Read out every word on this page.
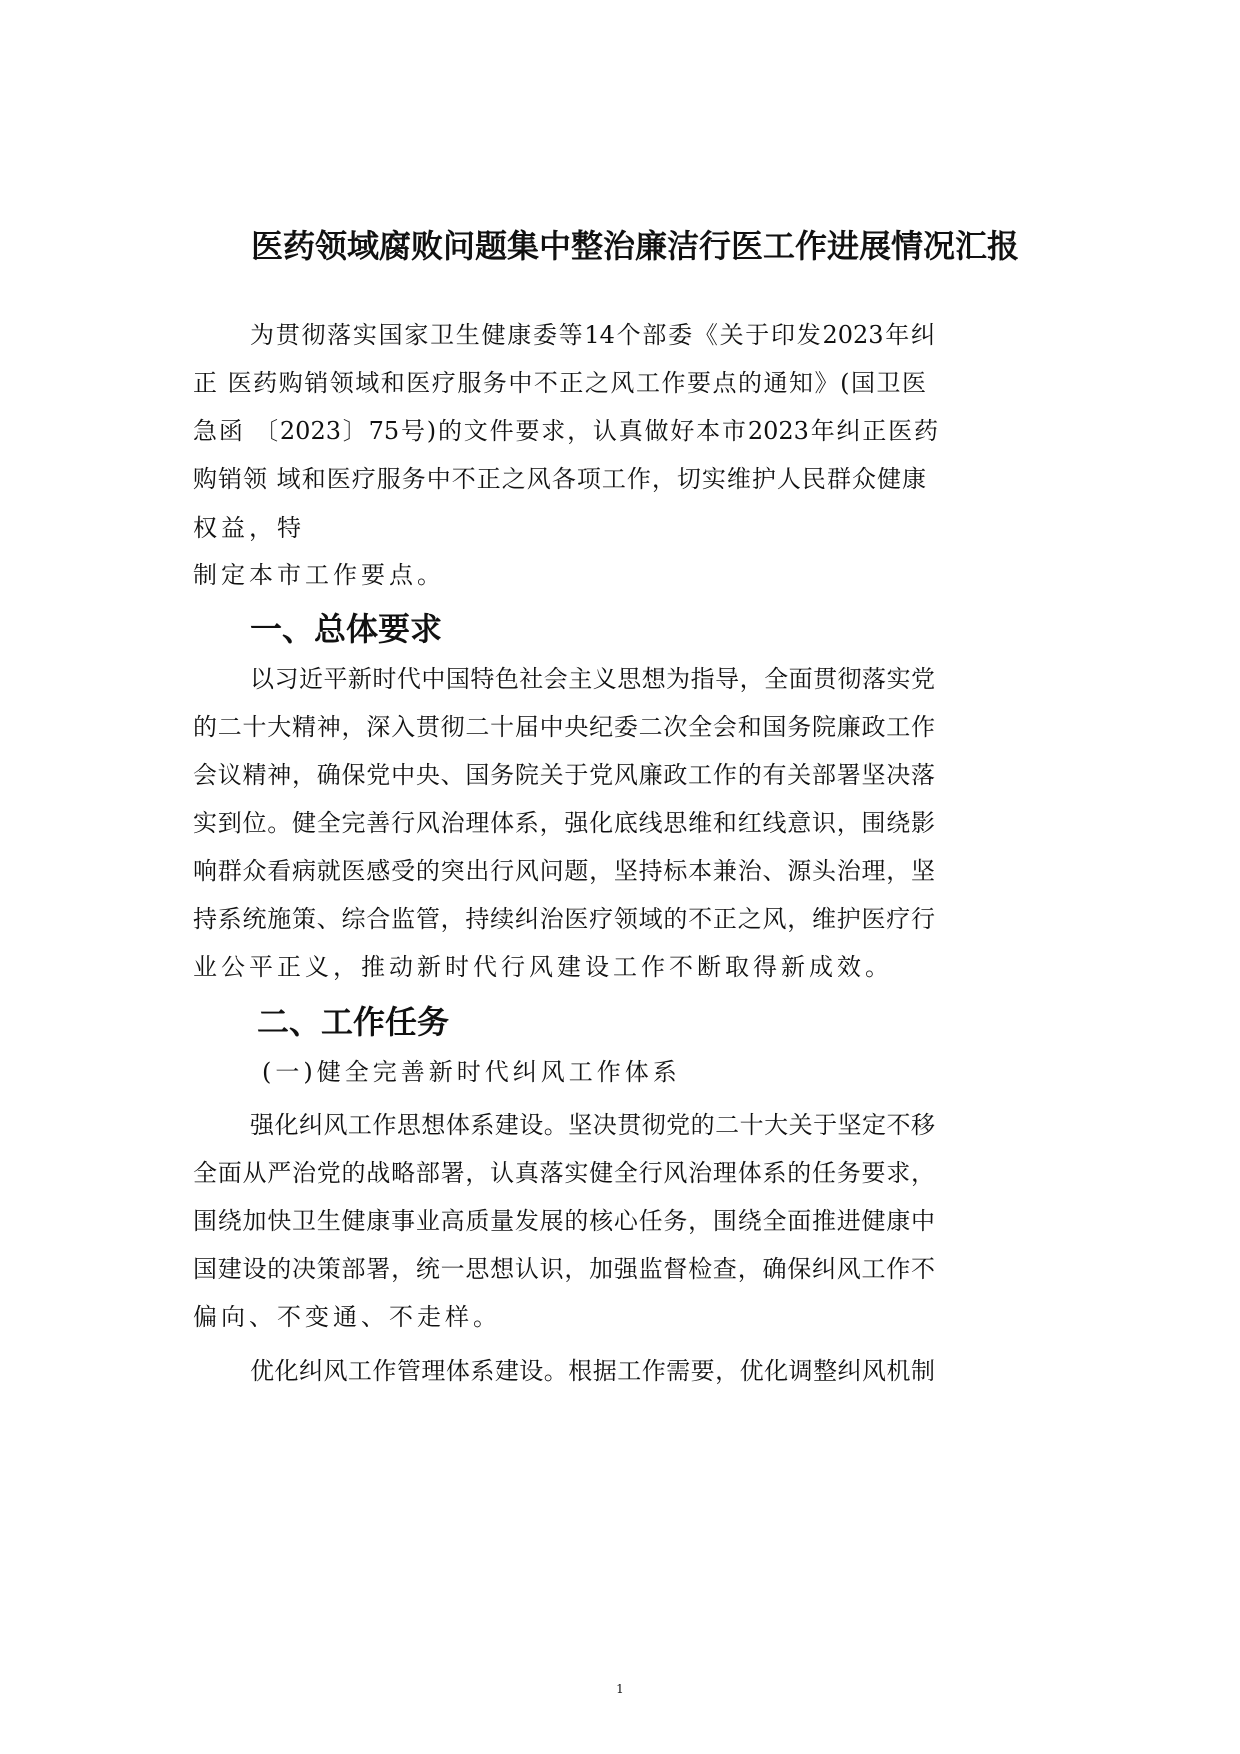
医药领域腐败问题集中整治廉洁行医工作进展情况汇报
为贯彻落实国家卫生健康委等14个部委《关于印发2023年纠
正 医药购销领域和医疗服务中不正之风工作要点的通知》(国卫医
急函 〔2023〕75号)的文件要求，认真做好本市2023年纠正医药
购销领 域和医疗服务中不正之风各项工作，切实维护人民群众健康
权益，特
制定本市工作要点。
一、总体要求
以习近平新时代中国特色社会主义思想为指导，全面贯彻落实党
的二十大精神，深入贯彻二十届中央纪委二次全会和国务院廉政工作
会议精神，确保党中央、国务院关于党风廉政工作的有关部署坚决落
实到位。健全完善行风治理体系，强化底线思维和红线意识，围绕影
响群众看病就医感受的突出行风问题，坚持标本兼治、源头治理，坚
持系统施策、综合监管，持续纠治医疗领域的不正之风，维护医疗行
业公平正义，推动新时代行风建设工作不断取得新成效。
二、工作任务
(一)健全完善新时代纠风工作体系
强化纠风工作思想体系建设。坚决贯彻党的二十大关于坚定不移
全面从严治党的战略部署，认真落实健全行风治理体系的任务要求，
围绕加快卫生健康事业高质量发展的核心任务，围绕全面推进健康中
国建设的决策部署，统一思想认识，加强监督检查，确保纠风工作不
偏向、不变通、不走样。
优化纠风工作管理体系建设。根据工作需要，优化调整纠风机制
1
